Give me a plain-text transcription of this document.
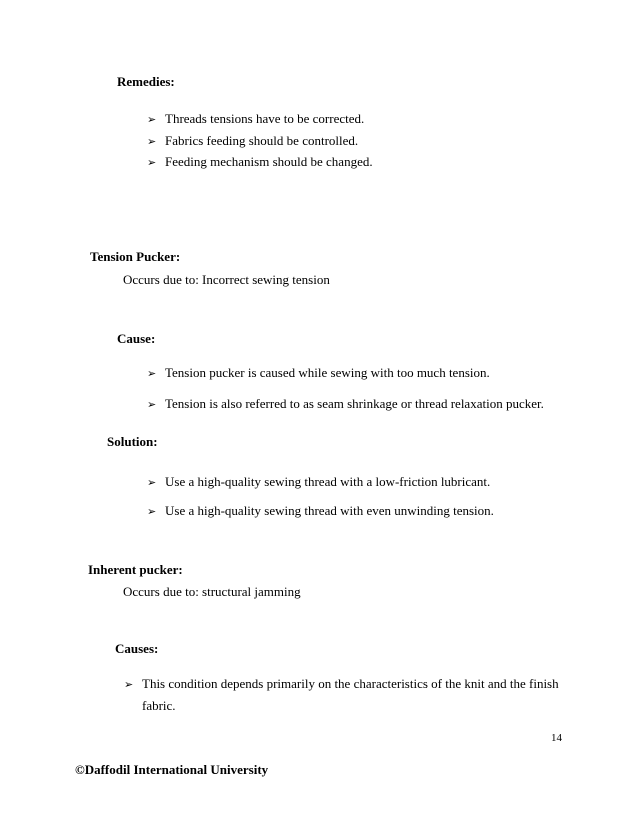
Remedies:
➢ Threads tensions have to be corrected.
➢ Fabrics feeding should be controlled.
➢ Feeding mechanism should be changed.
Tension Pucker:
Occurs due to: Incorrect sewing tension
Cause:
➢ Tension pucker is caused while sewing with too much tension.
➢ Tension is also referred to as seam shrinkage or thread relaxation pucker.
Solution:
➢ Use a high-quality sewing thread with a low-friction lubricant.
➢ Use a high-quality sewing thread with even unwinding tension.
Inherent pucker:
Occurs due to: structural jamming
Causes:
➢ This condition depends primarily on the characteristics of the knit and the finish
fabric.
14
©Daffodil International University
